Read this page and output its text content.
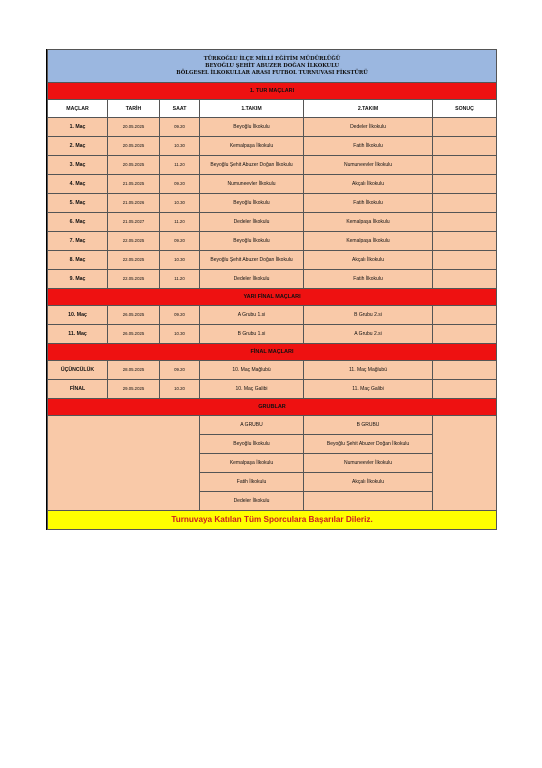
TÜRKOĞLU İLÇE MİLLİ EĞİTİM MÜDÜRLÜĞÜ
BEYOĞLU ŞEHİT ABUZER DOĞAN İLKOKULU
BÖLGESEL İLKOKULLAR ARASI FUTBOL TURNUVASI FİKSTÜRÜ					

1. TUR MAÇLARI					
MAÇLAR	TARİH	SAAT	1.TAKIM	2.TAKIM	SONUÇ
1. Maç	20.05.2025	09.20	Beyoğlu İlkokulu	Dedeler İlkokulu	
2. Maç	20.05.2025	10.30	Kemalpaşa İlkokulu	Fatih İlkokulu	
3. Maç	20.05.2025	11.20	Beyoğlu Şehit Abuzer Doğan İlkokulu	Numuneevler İlkokulu	
4. Maç	21.05.2025	09.20	Numuneevler İlkokulu	Akçalı İlkokulu	
5. Maç	21.05.2026	10.30	Beyoğlu İlkokulu	Fatih İlkokulu	
6. Maç	21.05.2027	11.20	Dedeler İlkokulu	Kemalpaşa İlkokulu	
7. Maç	22.05.2025	09.20	Beyoğlu İlkokulu	Kemalpaşa İlkokulu	
8. Maç	22.05.2025	10.30	Beyoğlu Şehit Abuzer Doğan İlkokulu	Akçalı İlkokulu	
9. Maç	22.05.2025	11.20	Dedeler İlkokulu	Fatih İlkokulu	
YARI FİNAL MAÇLARI					
10. Maç	26.05.2025	09.20	A Grubu 1.si	B Grubu 2.si	
11. Maç	26.05.2025	10.30	B Grubu 1.si	A Grubu 2.si	
FİNAL MAÇLARI					
ÜÇÜNCÜLÜK	28.05.2025	09.20	10. Maç Mağlubü	11. Maç Mağlubü	
FİNAL	29.05.2025	10.20	10. Maç Galibi	11. Maç Galibi	
GRUBLAR					
			A GRUBU	B GRUBU	
			Beyoğlu İlkokulu	Beyoğlu Şehit Abuzer Doğan İlkokulu	
			Kemalpaşa İlkokulu	Numuneevler İlkokulu	
			Fatih İlkokulu	Akçalı İlkokulu	
			Dedeler İlkokulu		
Turnuvaya Katılan Tüm Sporculara Başarılar Dileriz.					
